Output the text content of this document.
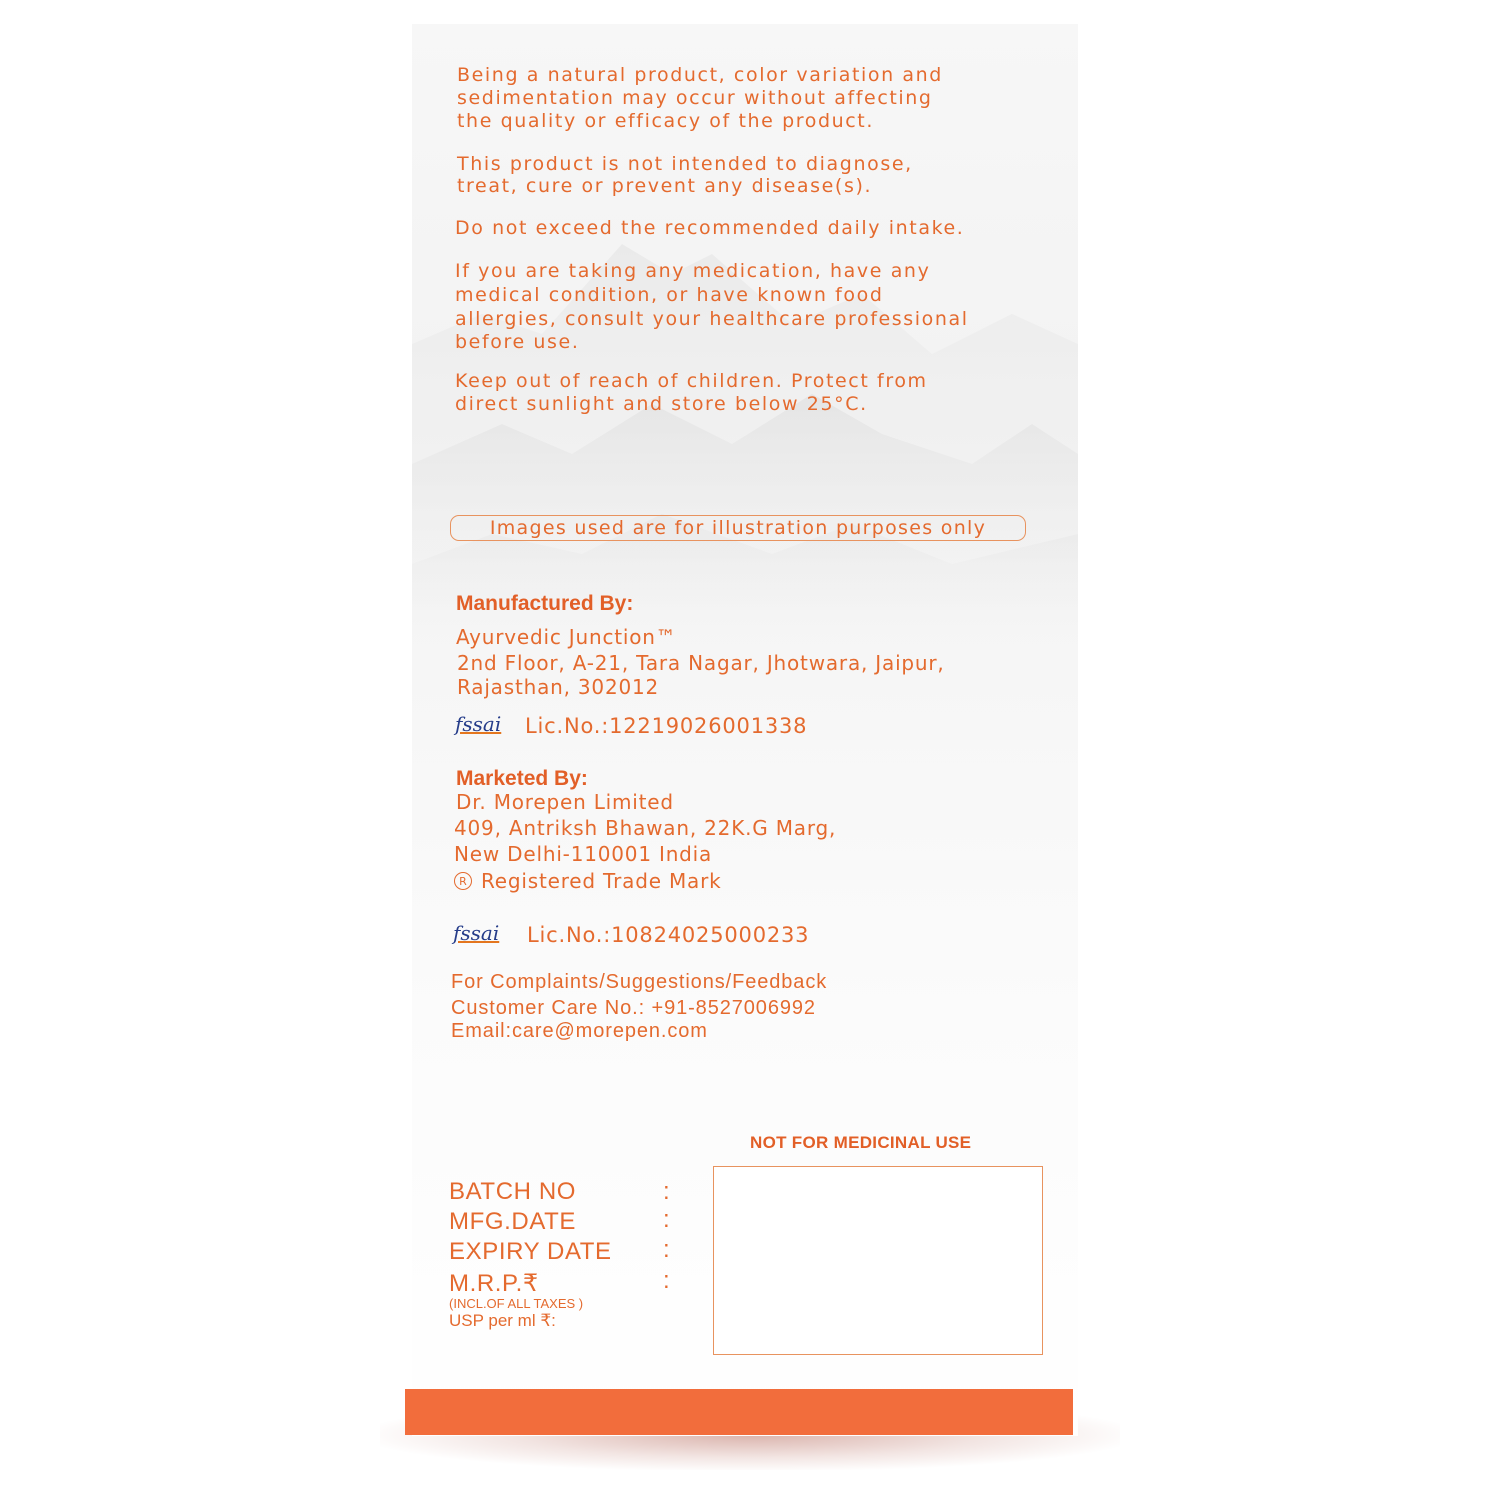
Being a natural product, color variation and

sedimentation may occur without affecting

the quality or efficacy of the product.

This product is not intended to diagnose,

treat, cure or prevent any disease(s).

Do not exceed the recommended daily intake.

If you are taking any medication, have any

medical condition, or have known food

allergies, consult your healthcare professional

before use.

Keep out of reach of children. Protect from

direct sunlight and store below 25°C.

Images used are for illustration purposes only

Manufactured By:

Ayurvedic Junction™

2nd Floor, A-21, Tara Nagar, Jhotwara, Jaipur,

Rajasthan, 302012

fssai Lic.No.:12219026001338

Marketed By:

Dr. Morepen Limited

409, Antriksh Bhawan, 22K.G Marg,

New Delhi-110001 India

R Registered Trade Mark

fssai Lic.No.:10824025000233

For Complaints/Suggestions/Feedback

Customer Care No.: +91-8527006992

Email:care@morepen.com

NOT FOR MEDICINAL USE

BATCH NO	:

MFG.DATE	:

EXPIRY DATE :

M.R.P.₹	:

(INCL.OF ALL TAXES )

USP per ml ₹:
